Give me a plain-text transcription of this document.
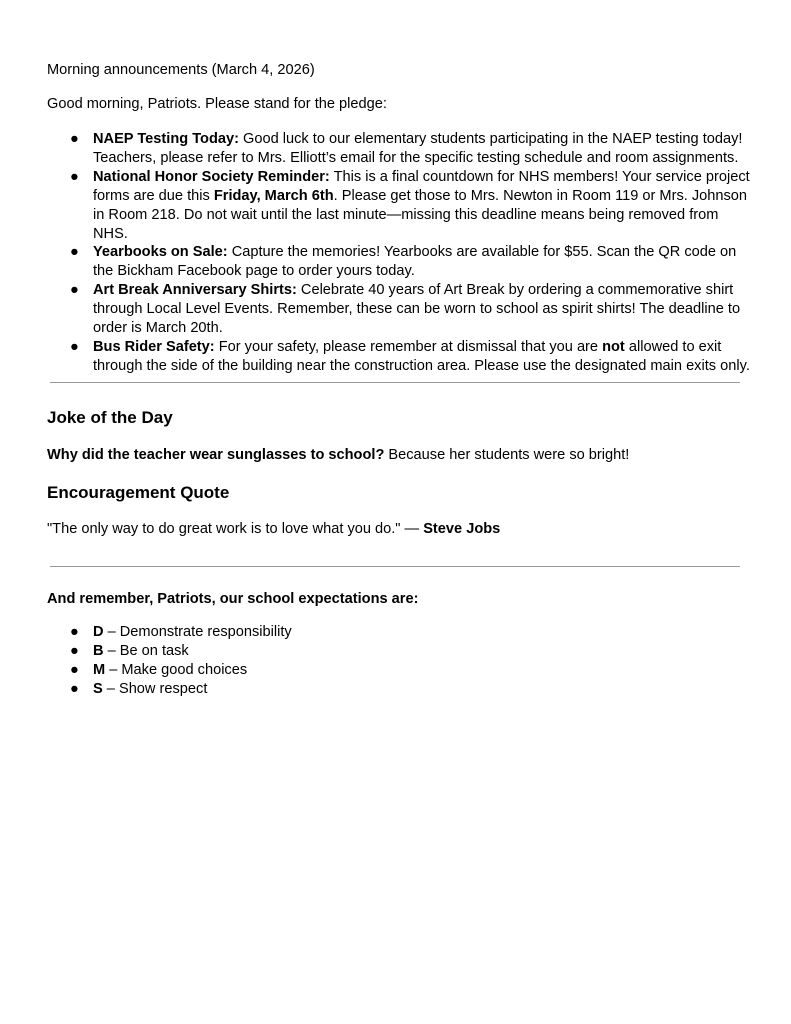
Morning announcements (March 4, 2026)
Good morning, Patriots. Please stand for the pledge:
● NAEP Testing Today: Good luck to our elementary students participating in the NAEP testing today! Teachers, please refer to Mrs. Elliott’s email for the specific testing schedule and room assignments.
● National Honor Society Reminder: This is a final countdown for NHS members! Your service project forms are due this Friday, March 6th. Please get those to Mrs. Newton in Room 119 or Mrs. Johnson in Room 218. Do not wait until the last minute—missing this deadline means being removed from NHS.
● Yearbooks on Sale: Capture the memories! Yearbooks are available for $55. Scan the QR code on the Bickham Facebook page to order yours today.
● Art Break Anniversary Shirts: Celebrate 40 years of Art Break by ordering a commemorative shirt through Local Level Events. Remember, these can be worn to school as spirit shirts! The deadline to order is March 20th.
● Bus Rider Safety: For your safety, please remember at dismissal that you are not allowed to exit through the side of the building near the construction area. Please use the designated main exits only.
Joke of the Day
Why did the teacher wear sunglasses to school? Because her students were so bright!
Encouragement Quote
"The only way to do great work is to love what you do." — Steve Jobs
And remember, Patriots, our school expectations are:
● D – Demonstrate responsibility
● B – Be on task
● M – Make good choices
● S – Show respect
